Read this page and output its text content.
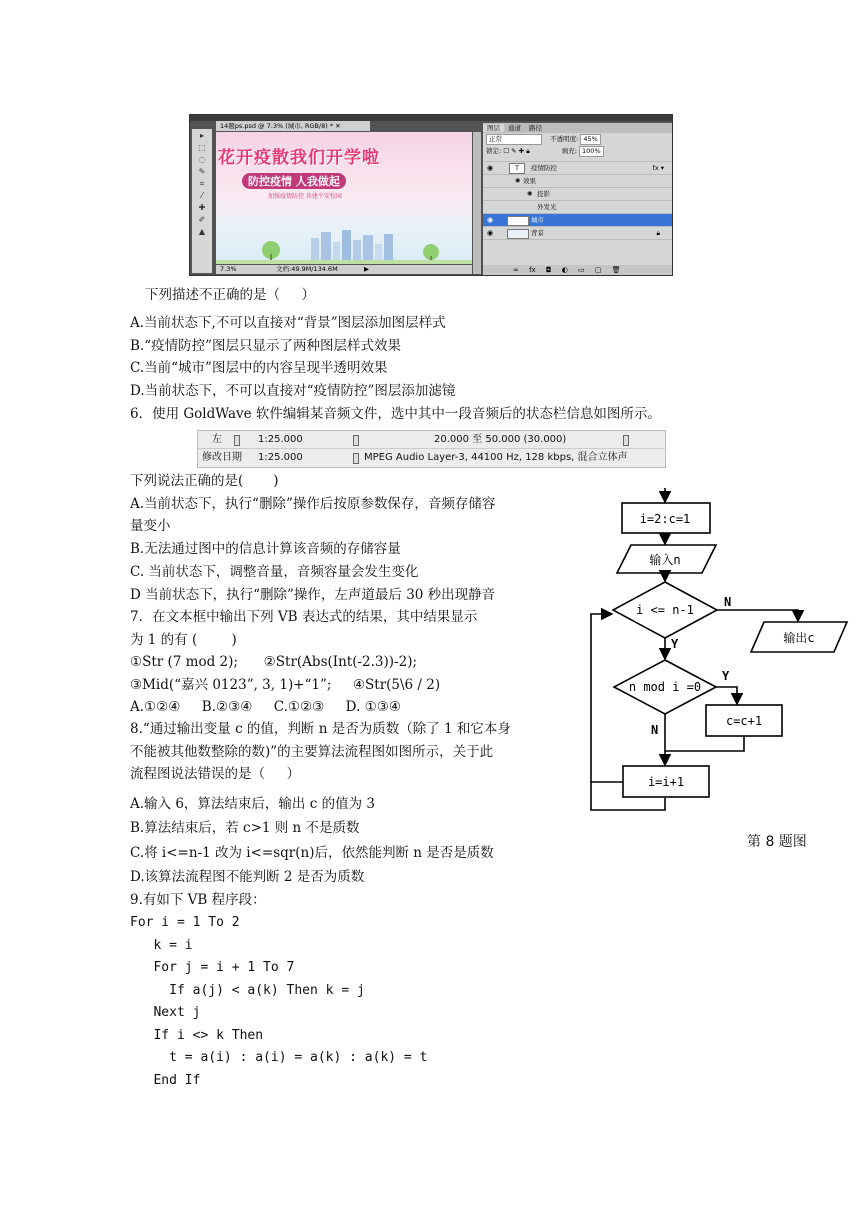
▸
⬚
◌
✎
⌗
⁄
✚
✐
▲
14题ps.psd @ 7.3% (城市, RGB/8) * ✕
花开疫散我们开学啦
防控疫情 人我做起
加强疫情防控 共建平安校园
7.3%	文档:49.9M/134.6M	▶
图层 通道 路径
正常	不透明度: 45%
锁定: ☐ ✎ ✚ 🔒︎	填充: 100%
◉	T	疫情防控	fx ▾
◉ 效果
◉ 投影
外发光
◉	城市
◉	背景	🔒︎
∞ fx ◘ ◐ ▭ ▢ 🗑︎
下列描述不正确的是（     ）
A.当前状态下,不可以直接对“背景”图层添加图层样式
B.“疫情防控”图层只显示了两种图层样式效果
C.当前“城市”图层中的内容呈现半透明效果
D.当前状态下，不可以直接对“疫情防控”图层添加滤镜
6．使用 GoldWave 软件编辑某音频文件，选中其中一段音频后的状态栏信息如图所示。
左	1:25.000	20.000 至 50.000 (30.000)
修改日期 1:25.000	MPEG Audio Layer-3, 44100 Hz, 128 kbps, 混合立体声
下列说法正确的是(       )
A.当前状态下，执行“删除”操作后按原参数保存，音频存储容
量变小
B.无法通过图中的信息计算该音频的存储容量
C. 当前状态下，调整音量，音频容量会发生变化
D 当前状态下，执行“删除”操作，左声道最后 30 秒出现静音
7．在文本框中输出下列 VB 表达式的结果，其中结果显示
为 1 的有 (        )
①Str (7 mod 2);      ②Str(Abs(Int(-2.3))-2);
③Mid(“嘉兴 0123”, 3, 1)+“1”;     ④Str(5\6 / 2)
A.①②④     B.②③④     C.①②③     D. ①③④
8.“通过输出变量 c 的值，判断 n 是否为质数（除了 1 和它本身
不能被其他数整除的数)”的主要算法流程图如图所示，关于此
流程图说法错误的是（     ）
A.输入 6，算法结束后，输出 c 的值为 3
B.算法结束后，若 c>1 则 n 不是质数
C.将 i<=n-1 改为 i<=sqr(n)后，依然能判断 n 是否是质数
D.该算法流程图不能判断 2 是否为质数
i=2:c=1
输入n
i <= n-1
输出c
n mod i =0
c=c+1
i=i+1
N
Y
Y
N
第 8 题图
9.有如下 VB 程序段：
For i = 1 To 2
k = i
For j = i + 1 To 7
If a(j) < a(k) Then k = j
Next j
If i <> k Then
t = a(i) : a(i) = a(k) : a(k) = t
End If
